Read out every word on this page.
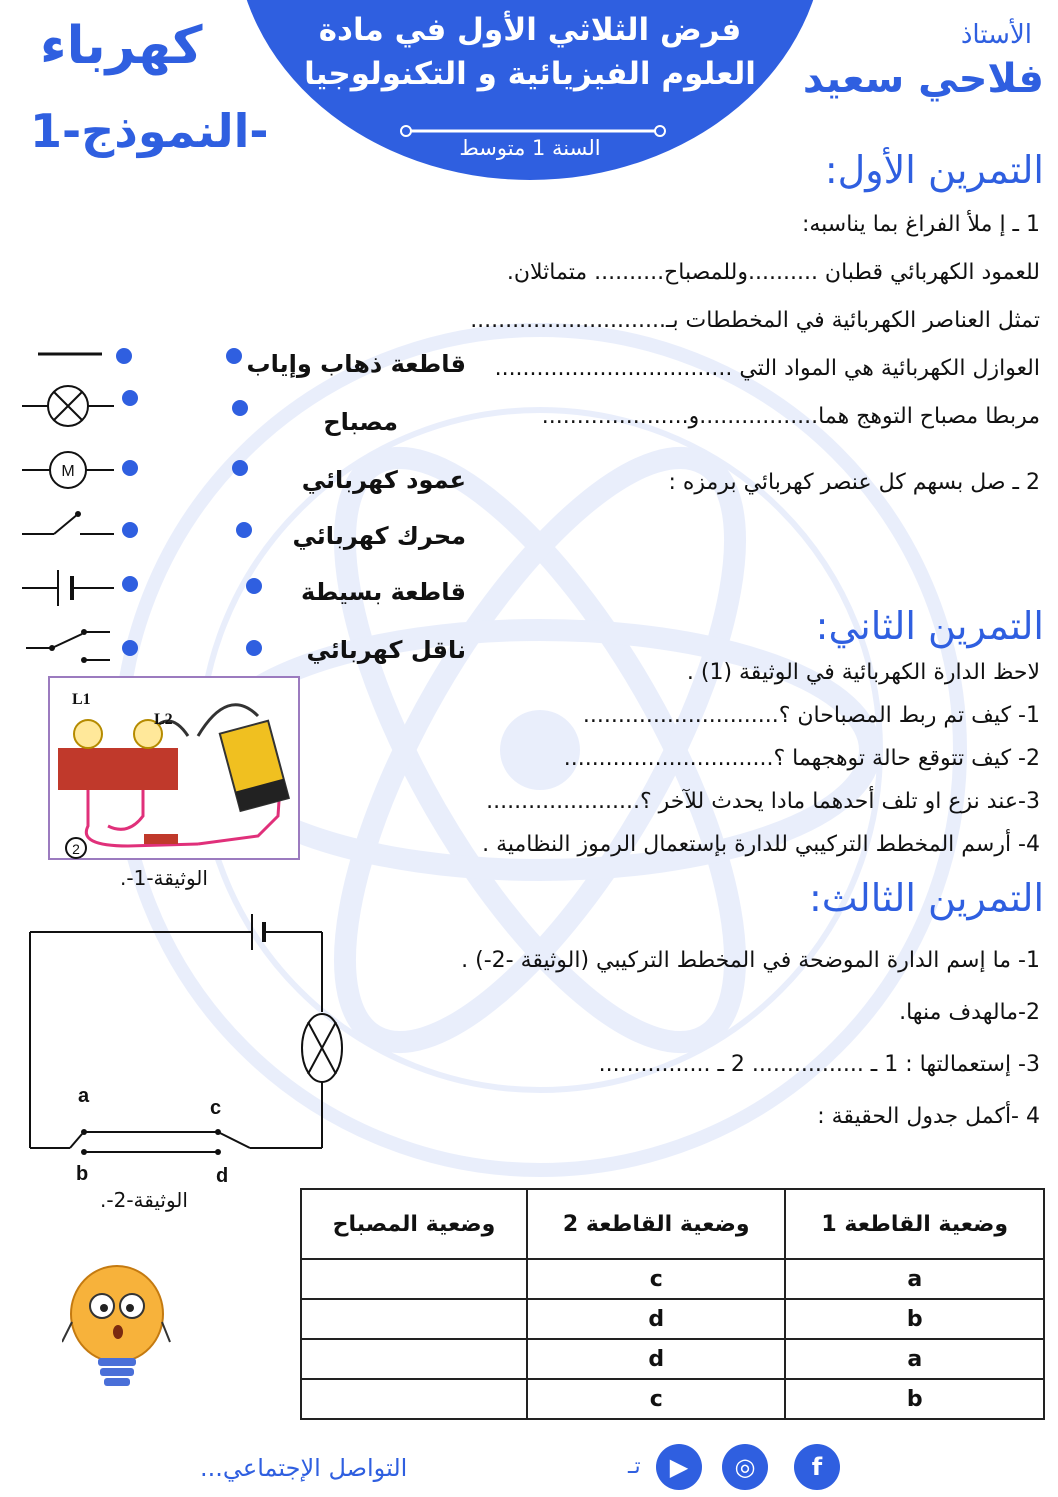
فرض الثلاثي الأول في مادة
العلوم الفيزيائية و التكنولوجيا
السنة 1 متوسط
كهرباء
النموذج-1-
الأستاذ
فلاحي سعيد
التمرين الأول:
1 ـ إ ملأ الفراغ بما يناسبه:
للعمود الكهربائي قطبان ..........وللمصباح.......... متماثلان.
تمثل العناصر الكهربائية في المخططات بـ............................
العوازل الكهربائية هي المواد التي ..................................
مربطا مصباح التوهج هما.................و.....................
2 ـ صل بسهم كل عنصر كهربائي برمزه :
قاطعة ذهاب وإياب
مصباح
عمود كهربائي
محرك كهربائي
قاطعة بسيطة
ناقل كهربائي
M
L1
L2
2
الوثيقة-1-.
التمرين الثاني:
لاحظ الدارة الكهربائية في الوثيقة (1) .
1- كيف تم ربط المصباحان ؟............................
2- كيف تتوقع حالة توهجهما ؟..............................
3-عند نزع او تلف أحدهما مادا يحدث للآخر ؟......................
4- أرسم المخطط التركيبي للدارة بإستعمال الرموز النظامية .
التمرين الثالث:
1- ما إسم الدارة الموضحة في المخطط التركيبي (الوثيقة -2-) .
2-مالهدف منها.
3- إستعمالتها : 1 ـ ................ 2 ـ ................
4 -أكمل جدول الحقيقة :
a
b
c
d
الوثيقة-2-.
وضعية القاطعة 1	وضعية القاطعة 2	وضعية المصباح
a	c	
b	d	
a	d	
b	c	
f
◎
▶
تـ
التواصل الإجتماعي...
